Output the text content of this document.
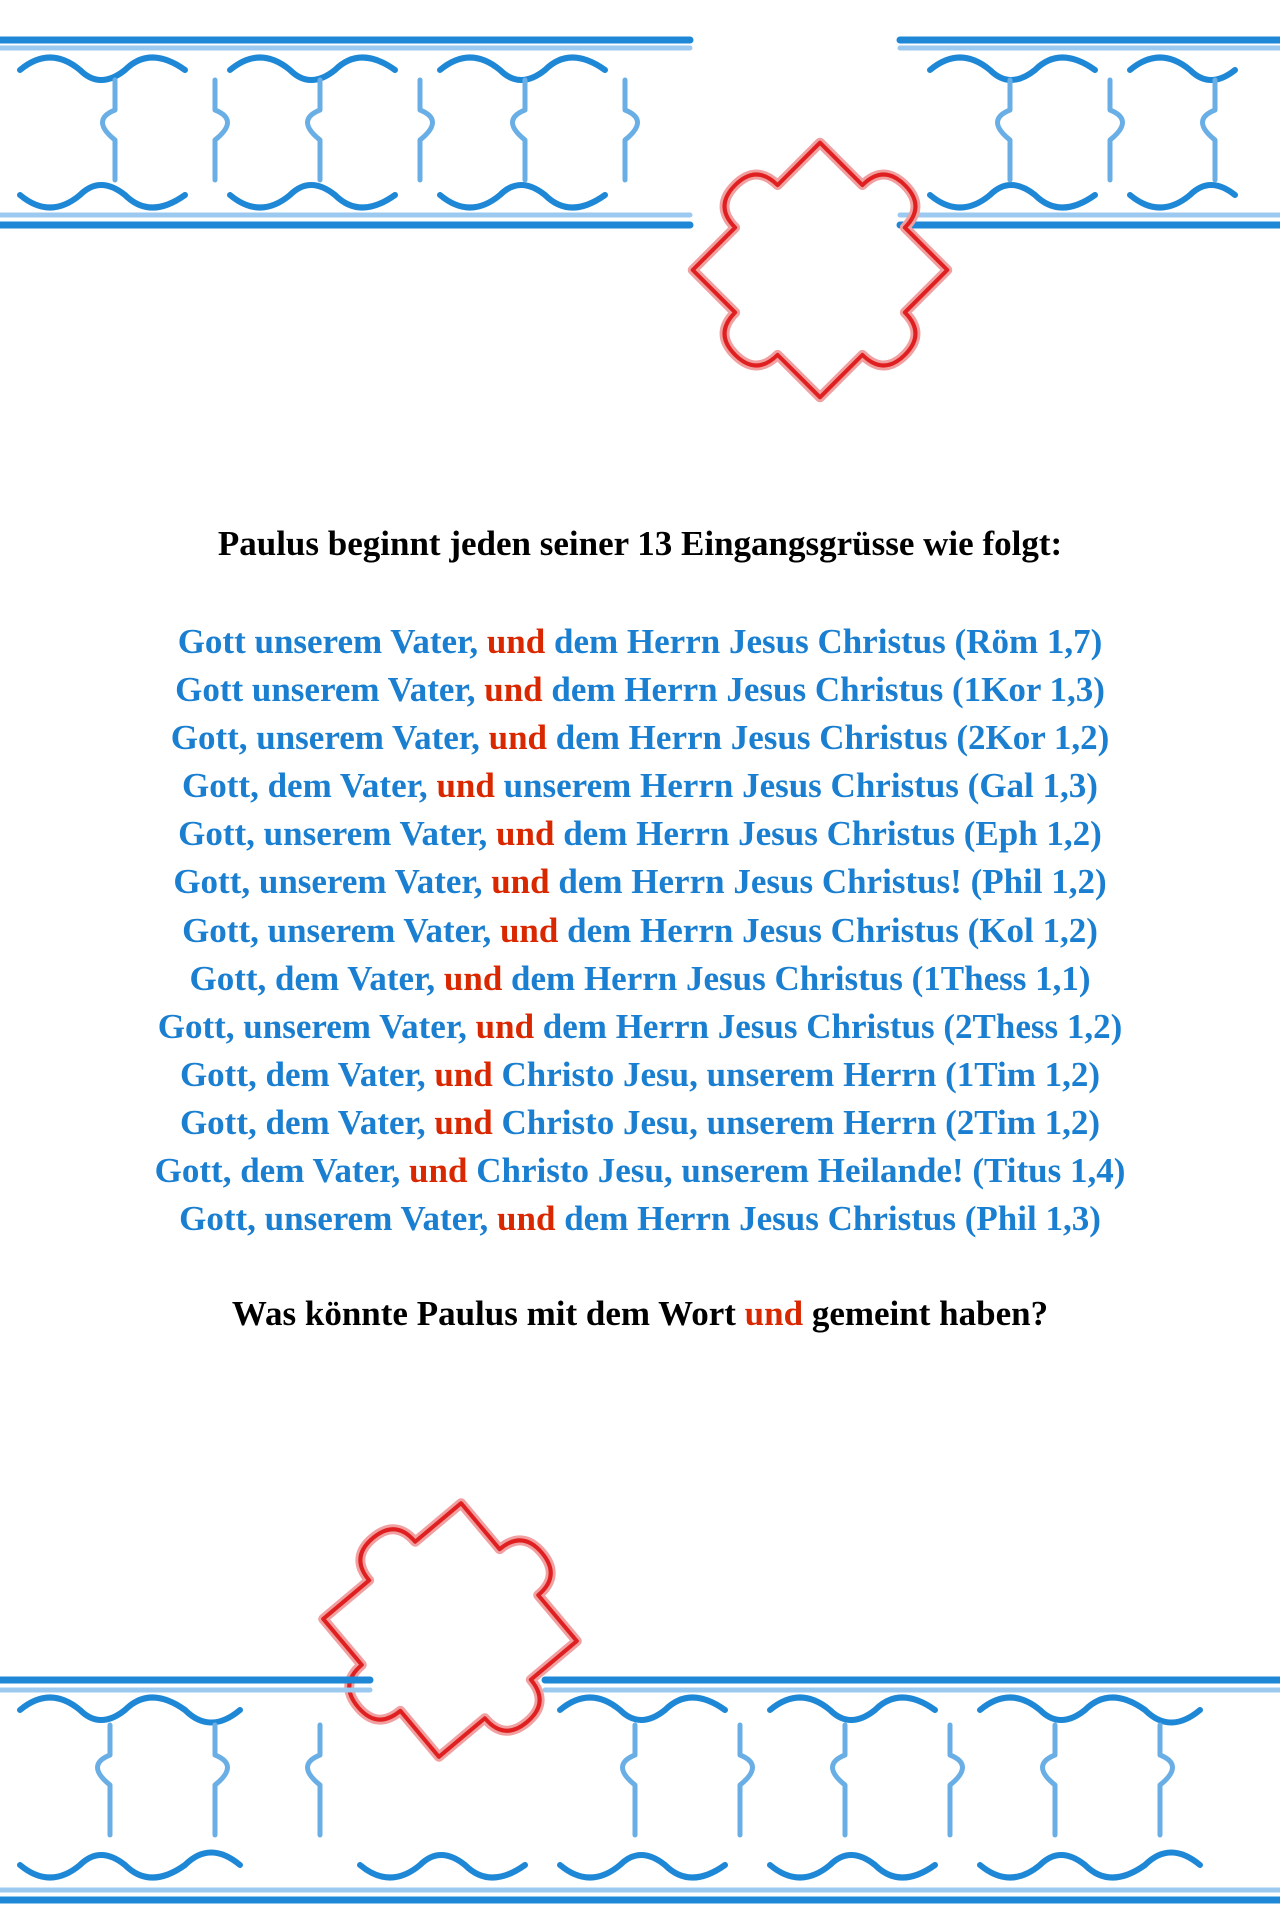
Paulus beginnt jeden seiner 13 Eingangsgrüsse wie folgt:
Gott unserem Vater, und dem Herrn Jesus Christus (Röm 1,7)
Gott unserem Vater, und dem Herrn Jesus Christus (1Kor 1,3)
Gott, unserem Vater, und dem Herrn Jesus Christus (2Kor 1,2)
Gott, dem Vater, und unserem Herrn Jesus Christus (Gal 1,3)
Gott, unserem Vater, und dem Herrn Jesus Christus (Eph 1,2)
Gott, unserem Vater, und dem Herrn Jesus Christus! (Phil 1,2)
Gott, unserem Vater, und dem Herrn Jesus Christus (Kol 1,2)
Gott, dem Vater, und dem Herrn Jesus Christus (1Thess 1,1)
Gott, unserem Vater, und dem Herrn Jesus Christus (2Thess 1,2)
Gott, dem Vater, und Christo Jesu, unserem Herrn (1Tim 1,2)
Gott, dem Vater, und Christo Jesu, unserem Herrn (2Tim 1,2)
Gott, dem Vater, und Christo Jesu, unserem Heilande! (Titus 1,4)
Gott, unserem Vater, und dem Herrn Jesus Christus (Phil 1,3)
Was könnte Paulus mit dem Wort und gemeint haben?
